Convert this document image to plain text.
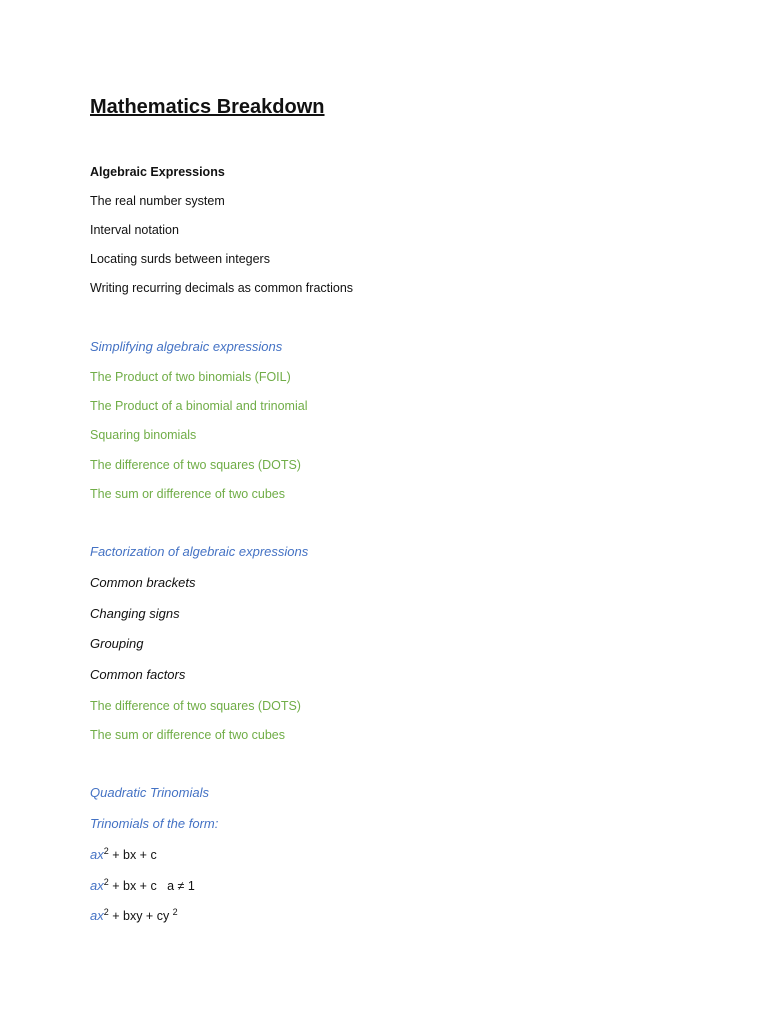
Mathematics Breakdown
Algebraic Expressions
The real number system
Interval notation
Locating surds between integers
Writing recurring decimals as common fractions
Simplifying algebraic expressions
The Product of two binomials (FOIL)
The Product of a binomial and trinomial
Squaring binomials
The difference of two squares (DOTS)
The sum or difference of two cubes
Factorization of algebraic expressions
Common brackets
Changing signs
Grouping
Common factors
The difference of two squares (DOTS)
The sum or difference of two cubes
Quadratic Trinomials
Trinomials of the form:
$ax^2$ + bx + c
$ax^2$ + bx + c   a ≠ 1
$ax^2$ + bxy + cy $^2$
